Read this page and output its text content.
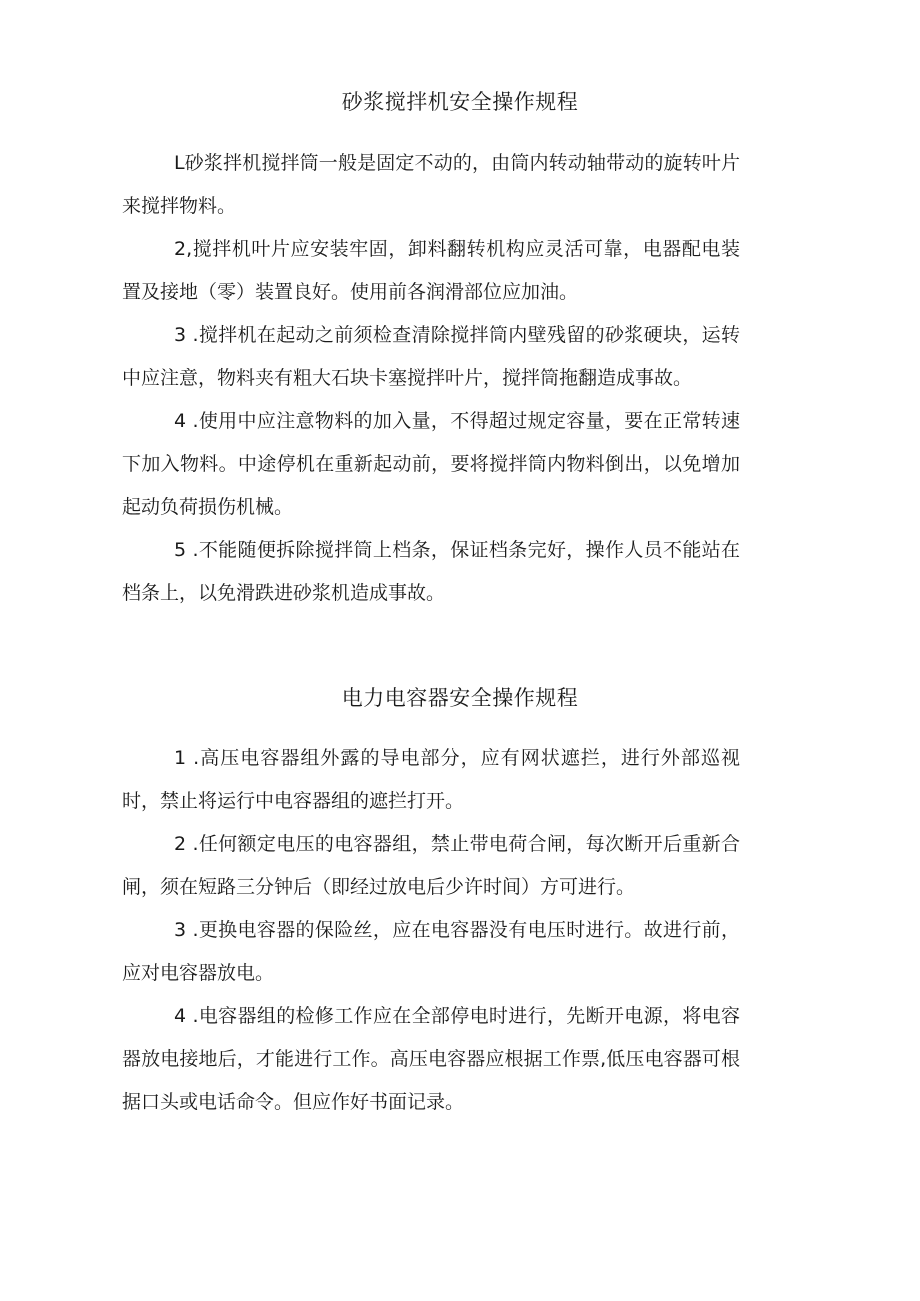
砂浆搅拌机安全操作规程

L砂浆拌机搅拌筒一般是固定不动的，由筒内转动轴带动的旋转叶片来搅拌物料。

2,搅拌机叶片应安装牢固，卸料翻转机构应灵活可靠，电器配电装置及接地（零）装置良好。使用前各润滑部位应加油。

3 .搅拌机在起动之前须检查清除搅拌筒内壁残留的砂浆硬块，运转中应注意，物料夹有粗大石块卡塞搅拌叶片，搅拌筒拖翻造成事故。

4 .使用中应注意物料的加入量，不得超过规定容量，要在正常转速下加入物料。中途停机在重新起动前，要将搅拌筒内物料倒出，以免增加起动负荷损伤机械。

5 .不能随便拆除搅拌筒上档条，保证档条完好，操作人员不能站在档条上，以免滑跌进砂浆机造成事故。

电力电容器安全操作规程

1 .高压电容器组外露的导电部分，应有网状遮拦，进行外部巡视时，禁止将运行中电容器组的遮拦打开。

2 .任何额定电压的电容器组，禁止带电荷合闸，每次断开后重新合闸，须在短路三分钟后（即经过放电后少许时间）方可进行。

3 .更换电容器的保险丝，应在电容器没有电压时进行。故进行前，应对电容器放电。

4 .电容器组的检修工作应在全部停电时进行，先断开电源，将电容器放电接地后，才能进行工作。高压电容器应根据工作票,低压电容器可根据口头或电话命令。但应作好书面记录。
